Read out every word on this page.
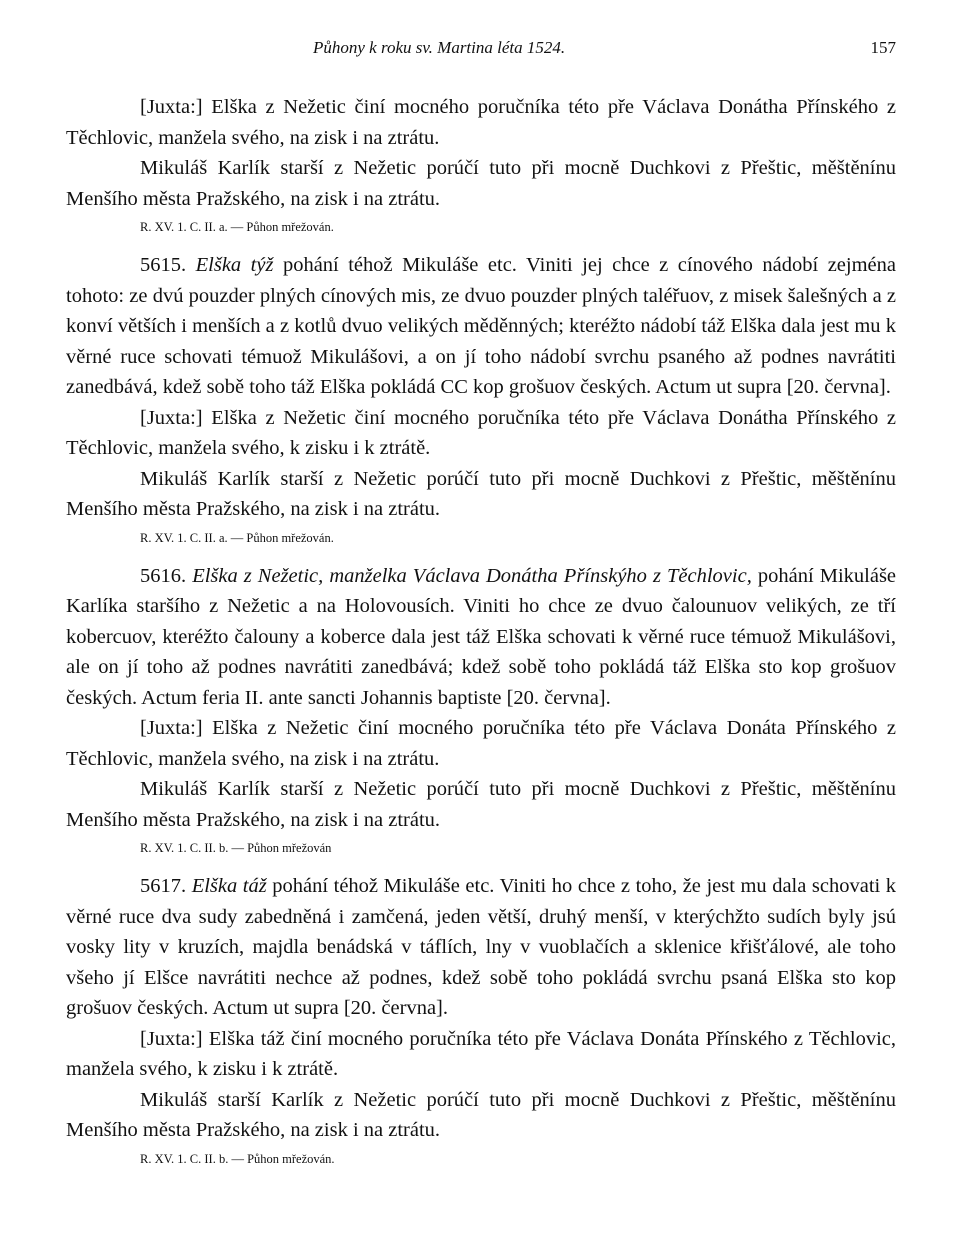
Půhony k roku sv. Martina léta 1524.	157

[Juxta:] Elška z Nežetic činí mocného poručníka této pře Václava Donátha Přínského z Těchlovic, manžela svého, na zisk i na ztrátu.

Mikuláš Karlík starší z Nežetic porúčí tuto při mocně Duchkovi z Přeštic, měštěnínu Menšího města Pražského, na zisk i na ztrátu.

R. XV. 1. C. II. a. — Půhon mřežován.

5615. Elška týž pohání téhož Mikuláše etc. Viniti jej chce z cínového nádobí zejména tohoto: ze dvú pouzder plných cínových mis, ze dvuo pouzder plných taléřuov, z misek šalešných a z konví větších i menších a z kotlů dvuo velikých měděnných; kteréžto nádobí táž Elška dala jest mu k věrné ruce schovati témuož Mikulášovi, a on jí toho nádobí svrchu psaného až podnes navrátiti zanedbává, kdež sobě toho táž Elška pokládá CC kop grošuov českých. Actum ut supra [20. června].

[Juxta:] Elška z Nežetic činí mocného poručníka této pře Václava Donátha Přínského z Těchlovic, manžela svého, k zisku i k ztrátě.

Mikuláš Karlík starší z Nežetic porúčí tuto při mocně Duchkovi z Přeštic, měštěnínu Menšího města Pražského, na zisk i na ztrátu.

R. XV. 1. C. II. a. — Půhon mřežován.

5616. Elška z Nežetic, manželka Václava Donátha Přínskýho z Těchlovic, pohání Mikuláše Karlíka staršího z Nežetic a na Holovousích. Viniti ho chce ze dvuo čalounuov velikých, ze tří kobercuov, kteréžto čalouny a koberce dala jest táž Elška schovati k věrné ruce témuož Mikulášovi, ale on jí toho až podnes navrátiti zanedbává; kdež sobě toho pokládá táž Elška sto kop grošuov českých. Actum feria II. ante sancti Johannis baptiste [20. června].

[Juxta:] Elška z Nežetic činí mocného poručníka této pře Václava Donáta Přínského z Těchlovic, manžela svého, na zisk i na ztrátu.

Mikuláš Karlík starší z Nežetic porúčí tuto při mocně Duchkovi z Přeštic, měštěnínu Menšího města Pražského, na zisk i na ztrátu.

R. XV. 1. C. II. b. — Půhon mřežován

5617. Elška táž pohání téhož Mikuláše etc. Viniti ho chce z toho, že jest mu dala schovati k věrné ruce dva sudy zabedněná i zamčená, jeden větší, druhý menší, v kterýchžto sudích byly jsú vosky lity v kruzích, majdla benádská v táflích, lny v vuoblačích a sklenice křišťálové, ale toho všeho jí Elšce navrátiti nechce až podnes, kdež sobě toho pokládá svrchu psaná Elška sto kop grošuov českých. Actum ut supra [20. června].

[Juxta:] Elška táž činí mocného poručníka této pře Václava Donáta Přínského z Těchlovic, manžela svého, k zisku i k ztrátě.

Mikuláš starší Karlík z Nežetic porúčí tuto při mocně Duchkovi z Přeštic, měštěnínu Menšího města Pražského, na zisk i na ztrátu.

R. XV. 1. C. II. b. — Půhon mřežován.
